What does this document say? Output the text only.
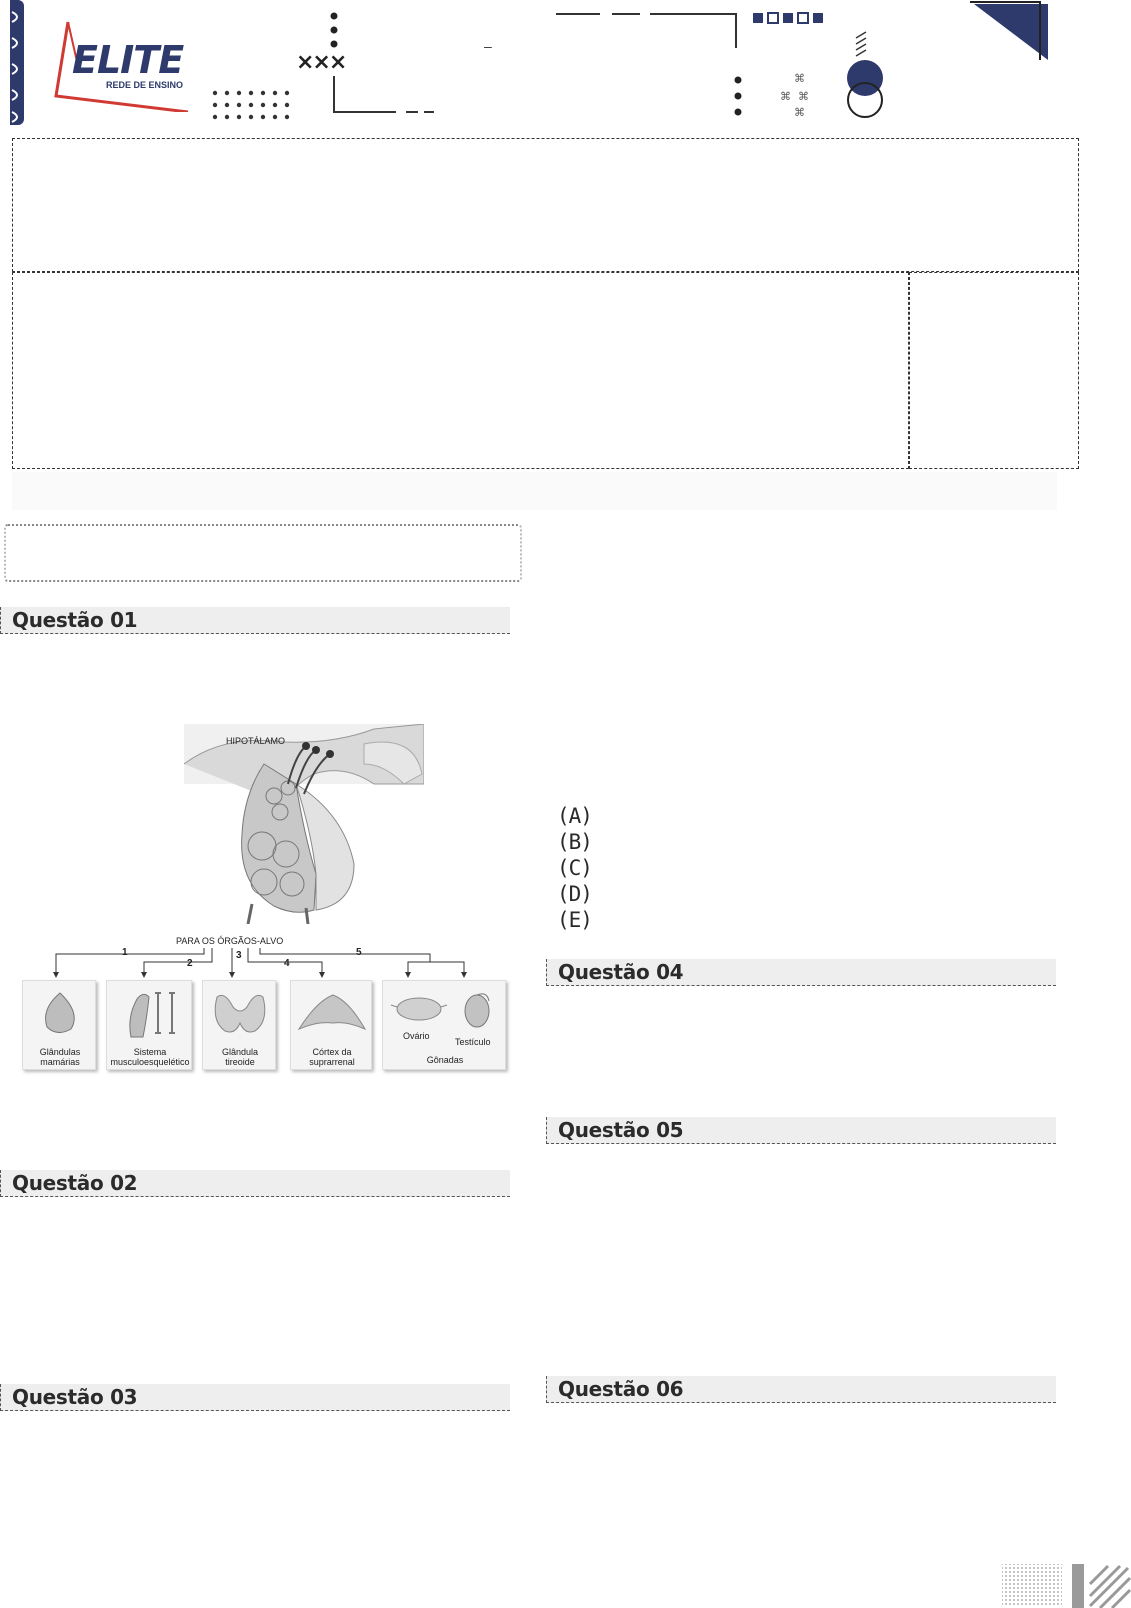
ELITE
REDE DE ENSINO
×××
–
⌘
⌘ ⌘
⌘
Questão 01
Questão 02
Questão 03
Questão 04
Questão 05
Questão 06
(A)
(B)
(C)
(D)
(E)
HIPOTÁLAMO
PARA OS ÓRGÃOS-ALVO
1
2
3
4
5
Glândulas
mamárias
Sistema
musculoesquelético
Glândula
tireoide
Córtex da
suprarrenal
Ovário
Testículo
Gônadas
